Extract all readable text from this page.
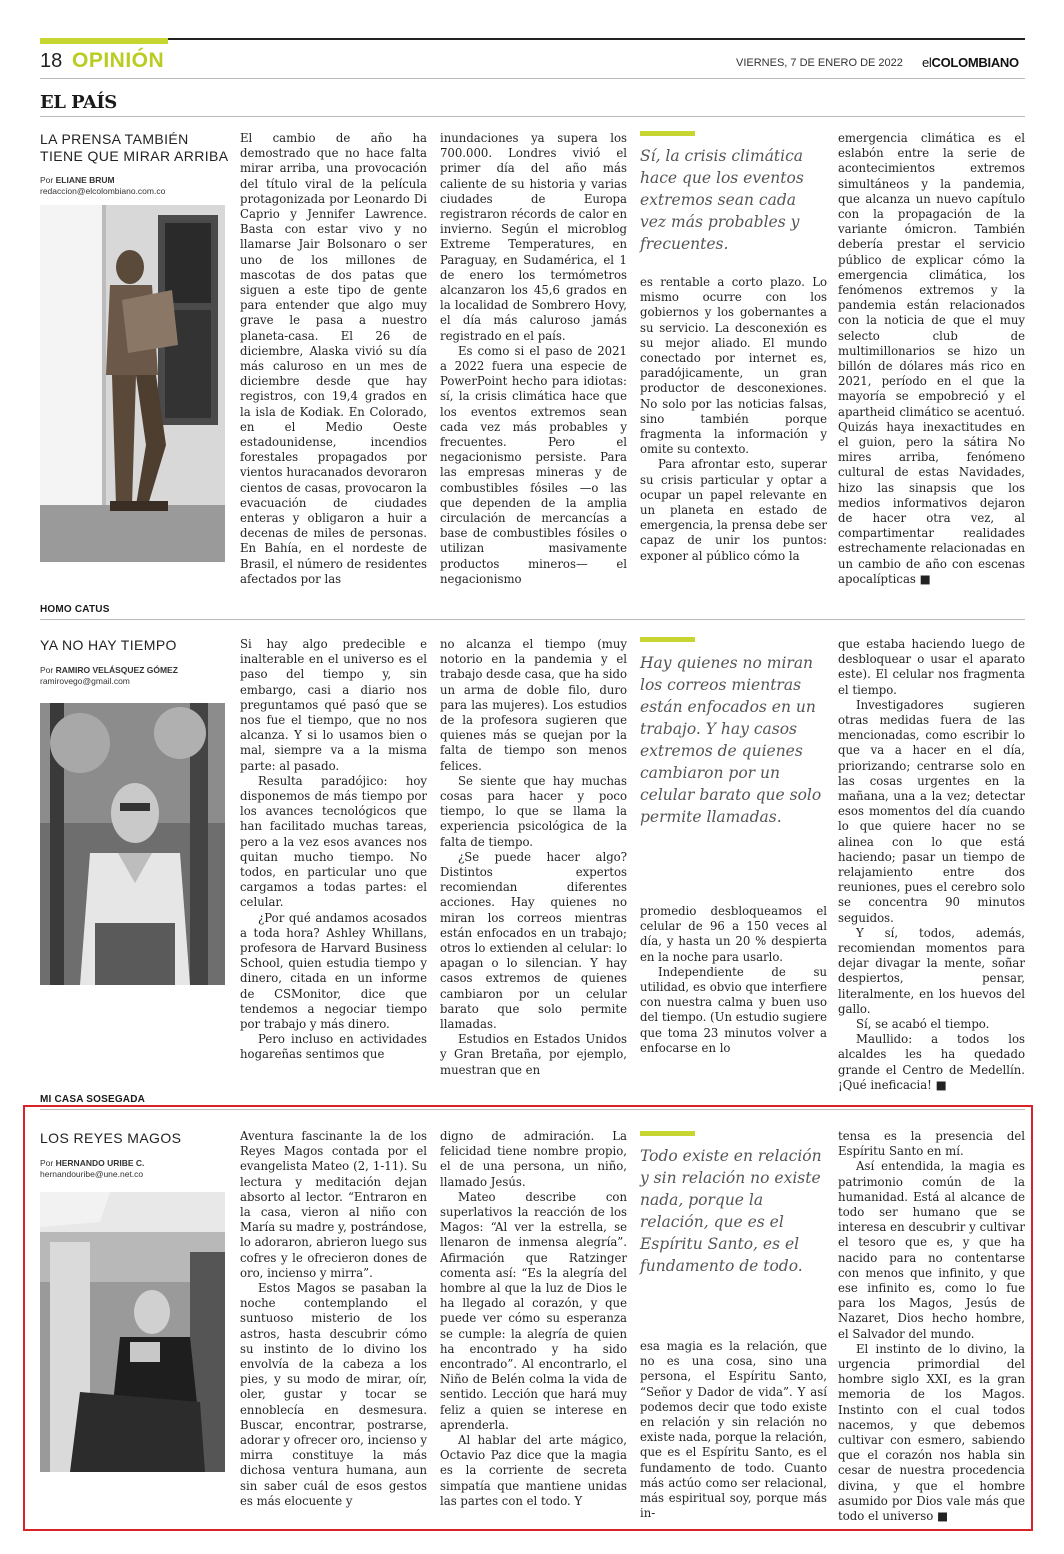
18 OPINIÓN	VIERNES, 7 DE ENERO DE 2022 elCOLOMBIANO
EL PAÍS
LA PRENSA TAMBIÉN TIENE QUE MIRAR ARRIBA
Por ELIANE BRUM
redaccion@elcolombiano.com.co

El cambio de año ha demostrado que no hace falta mirar arriba, una provocación del título viral de la película protagonizada por Leonardo Di Caprio y Jennifer Lawrence. Basta con estar vivo y no llamarse Jair Bolsonaro o ser uno de los millones de mascotas de dos patas que siguen a este tipo de gente para entender que algo muy grave le pasa a nuestro planeta-casa. El 26 de diciembre, Alaska vivió su día más caluroso en un mes de diciembre desde que hay registros, con 19,4 grados en la isla de Kodiak. En Colorado, en el Medio Oeste estadounidense, incendios forestales propagados por vientos huracanados devoraron cientos de casas, provocaron la evacuación de ciudades enteras y obligaron a huir a decenas de miles de personas. En Bahía, en el nordeste de Brasil, el número de residentes afectados por las

inundaciones ya supera los 700.000. Londres vivió el primer día del año más caliente de su historia y varias ciudades de Europa registraron récords de calor en invierno. Según el microblog Extreme Temperatures, en Paraguay, en Sudamérica, el 1 de enero los termómetros alcanzaron los 45,6 grados en la localidad de Sombrero Hovy, el día más caluroso jamás registrado en el país.

Es como si el paso de 2021 a 2022 fuera una especie de PowerPoint hecho para idiotas: sí, la crisis climática hace que los eventos extremos sean cada vez más probables y frecuentes. Pero el negacionismo persiste. Para las empresas mineras y de combustibles fósiles —o las que dependen de la amplia circulación de mercancías a base de combustibles fósiles o utilizan masivamente productos mineros— el negacionismo

Sí, la crisis climática hace que los eventos extremos sean cada vez más probables y frecuentes.

es rentable a corto plazo. Lo mismo ocurre con los gobiernos y los gobernantes a su servicio. La desconexión es su mejor aliado. El mundo conectado por internet es, paradójicamente, un gran productor de desconexiones. No solo por las noticias falsas, sino también porque fragmenta la información y omite su contexto.

Para afrontar esto, superar su crisis particular y optar a ocupar un papel relevante en un planeta en estado de emergencia, la prensa debe ser capaz de unir los puntos: exponer al público cómo la

emergencia climática es el eslabón entre la serie de acontecimientos extremos simultáneos y la pandemia, que alcanza un nuevo capítulo con la propagación de la variante ómicron. También debería prestar el servicio público de explicar cómo la emergencia climática, los fenómenos extremos y la pandemia están relacionados con la noticia de que el muy selecto club de multimillonarios se hizo un billón de dólares más rico en 2021, período en el que la mayoría se empobreció y el apartheid climático se acentuó. Quizás haya inexactitudes en el guion, pero la sátira No mires arriba, fenómeno cultural de estas Navidades, hizo las sinapsis que los medios informativos dejaron de hacer otra vez, al compartimentar realidades estrechamente relacionadas en un cambio de año con escenas apocalípticas ■

HOMO CATUS
YA NO HAY TIEMPO
Por RAMIRO VELÁSQUEZ GÓMEZ
ramirovego@gmail.com

Si hay algo predecible e inalterable en el universo es el paso del tiempo y, sin embargo, casi a diario nos preguntamos qué pasó que se nos fue el tiempo, que no nos alcanza. Y si lo usamos bien o mal, siempre va a la misma parte: al pasado.

Resulta paradójico: hoy disponemos de más tiempo por los avances tecnológicos que han facilitado muchas tareas, pero a la vez esos avances nos quitan mucho tiempo. No todos, en particular uno que cargamos a todas partes: el celular.

¿Por qué andamos acosados a toda hora? Ashley Whillans, profesora de Harvard Business School, quien estudia tiempo y dinero, citada en un informe de CSMonitor, dice que tendemos a negociar tiempo por trabajo y más dinero.

Pero incluso en actividades hogareñas sentimos que

no alcanza el tiempo (muy notorio en la pandemia y el trabajo desde casa, que ha sido un arma de doble filo, duro para las mujeres). Los estudios de la profesora sugieren que quienes más se quejan por la falta de tiempo son menos felices.

Se siente que hay muchas cosas para hacer y poco tiempo, lo que se llama la experiencia psicológica de la falta de tiempo.

¿Se puede hacer algo? Distintos expertos recomiendan diferentes acciones. Hay quienes no miran los correos mientras están enfocados en un trabajo; otros lo extienden al celular: lo apagan o lo silencian. Y hay casos extremos de quienes cambiaron por un celular barato que solo permite llamadas.

Estudios en Estados Unidos y Gran Bretaña, por ejemplo, muestran que en

Hay quienes no miran los correos mientras están enfocados en un trabajo. Y hay casos extremos de quienes cambiaron por un celular barato que solo permite llamadas.

promedio desbloqueamos el celular de 96 a 150 veces al día, y hasta un 20 % despierta en la noche para usarlo.

Independiente de su utilidad, es obvio que interfiere con nuestra calma y buen uso del tiempo. (Un estudio sugiere que toma 23 minutos volver a enfocarse en lo

que estaba haciendo luego de desbloquear o usar el aparato este). El celular nos fragmenta el tiempo.

Investigadores sugieren otras medidas fuera de las mencionadas, como escribir lo que va a hacer en el día, priorizando; centrarse solo en las cosas urgentes en la mañana, una a la vez; detectar esos momentos del día cuando lo que quiere hacer no se alinea con lo que está haciendo; pasar un tiempo de relajamiento entre dos reuniones, pues el cerebro solo se concentra 90 minutos seguidos.

Y sí, todos, además, recomiendan momentos para dejar divagar la mente, soñar despiertos, pensar, literalmente, en los huevos del gallo.

Sí, se acabó el tiempo.

Maullido: a todos los alcaldes les ha quedado grande el Centro de Medellín. ¡Qué ineficacia! ■

MI CASA SOSEGADA
LOS REYES MAGOS
Por HERNANDO URIBE C.
hernandouribe@une.net.co

Aventura fascinante la de los Reyes Magos contada por el evangelista Mateo (2, 1-11). Su lectura y meditación dejan absorto al lector. “Entraron en la casa, vieron al niño con María su madre y, postrándose, lo adoraron, abrieron luego sus cofres y le ofrecieron dones de oro, incienso y mirra”.

Estos Magos se pasaban la noche contemplando el suntuoso misterio de los astros, hasta descubrir cómo su instinto de lo divino los envolvía de la cabeza a los pies, y su modo de mirar, oír, oler, gustar y tocar se ennoblecía en desmesura. Buscar, encontrar, postrarse, adorar y ofrecer oro, incienso y mirra constituye la más dichosa ventura humana, aun sin saber cuál de esos gestos es más elocuente y

digno de admiración. La felicidad tiene nombre propio, el de una persona, un niño, llamado Jesús.

Mateo describe con superlativos la reacción de los Magos: “Al ver la estrella, se llenaron de inmensa alegría”. Afirmación que Ratzinger comenta así: “Es la alegría del hombre al que la luz de Dios le ha llegado al corazón, y que puede ver cómo su esperanza se cumple: la alegría de quien ha encontrado y ha sido encontrado”. Al encontrarlo, el Niño de Belén colma la vida de sentido. Lección que hará muy feliz a quien se interese en aprenderla.

Al hablar del arte mágico, Octavio Paz dice que la magia es la corriente de secreta simpatía que mantiene unidas las partes con el todo. Y

Todo existe en relación y sin relación no existe nada, porque la relación, que es el Espíritu Santo, es el fundamento de todo.

esa magia es la relación, que no es una cosa, sino una persona, el Espíritu Santo, “Señor y Dador de vida”. Y así podemos decir que todo existe en relación y sin relación no existe nada, porque la relación, que es el Espíritu Santo, es el fundamento de todo. Cuanto más actúo como ser relacional, más espiritual soy, porque más in-

tensa es la presencia del Espíritu Santo en mí.

Así entendida, la magia es patrimonio común de la humanidad. Está al alcance de todo ser humano que se interesa en descubrir y cultivar el tesoro que es, y que ha nacido para no contentarse con menos que infinito, y que ese infinito es, como lo fue para los Magos, Jesús de Nazaret, Dios hecho hombre, el Salvador del mundo.

El instinto de lo divino, la urgencia primordial del hombre siglo XXI, es la gran memoria de los Magos. Instinto con el cual todos nacemos, y que debemos cultivar con esmero, sabiendo que el corazón nos habla sin cesar de nuestra procedencia divina, y que el hombre asumido por Dios vale más que todo el universo ■
